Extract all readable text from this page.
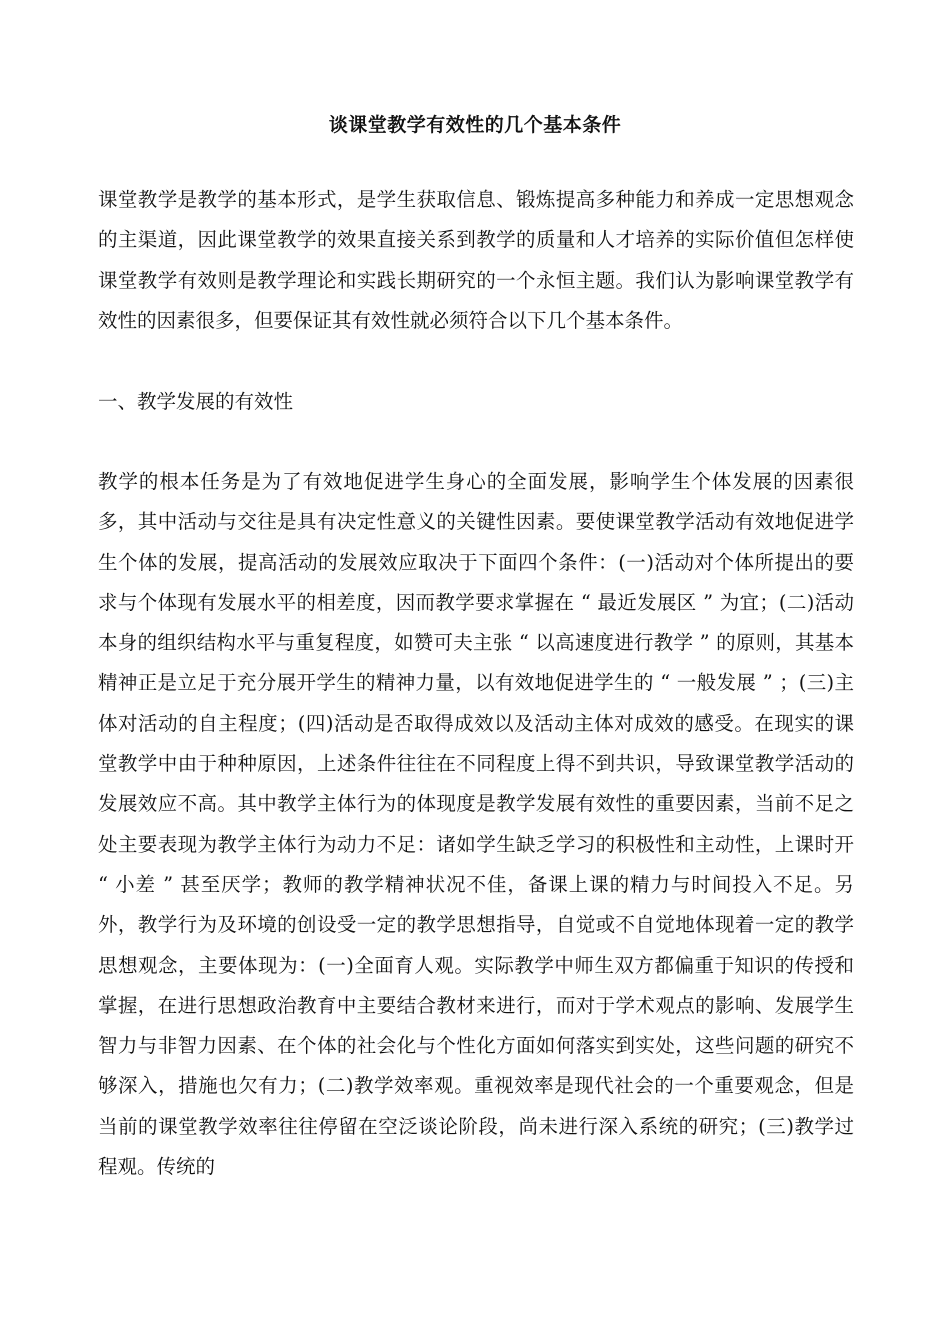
谈课堂教学有效性的几个基本条件

课堂教学是教学的基本形式，是学生获取信息、锻炼提高多种能力和养成一定思想观念的主渠道，因此课堂教学的效果直接关系到教学的质量和人才培养的实际价值但怎样使课堂教学有效则是教学理论和实践长期研究的一个永恒主题。我们认为影响课堂教学有效性的因素很多，但要保证其有效性就必须符合以下几个基本条件。

一、教学发展的有效性

教学的根本任务是为了有效地促进学生身心的全面发展，影响学生个体发展的因素很多，其中活动与交往是具有决定性意义的关键性因素。要使课堂教学活动有效地促进学生个体的发展，提高活动的发展效应取决于下面四个条件：(一)活动对个体所提出的要求与个体现有发展水平的相差度，因而教学要求掌握在 “ 最近发展区 ” 为宜；(二)活动本身的组织结构水平与重复程度，如赞可夫主张 “ 以高速度进行教学 ” 的原则，其基本精神正是立足于充分展开学生的精神力量，以有效地促进学生的 “ 一般发展 ” ；(三)主体对活动的自主程度；(四)活动是否取得成效以及活动主体对成效的感受。在现实的课堂教学中由于种种原因，上述条件往往在不同程度上得不到共识，导致课堂教学活动的发展效应不高。其中教学主体行为的体现度是教学发展有效性的重要因素，当前不足之处主要表现为教学主体行为动力不足：诸如学生缺乏学习的积极性和主动性，上课时开 “ 小差 ” 甚至厌学；教师的教学精神状况不佳，备课上课的精力与时间投入不足。另外，教学行为及环境的创设受一定的教学思想指导，自觉或不自觉地体现着一定的教学思想观念，主要体现为：(一)全面育人观。实际教学中师生双方都偏重于知识的传授和掌握，在进行思想政治教育中主要结合教材来进行，而对于学术观点的影响、发展学生智力与非智力因素、在个体的社会化与个性化方面如何落实到实处，这些问题的研究不够深入，措施也欠有力；(二)教学效率观。重视效率是现代社会的一个重要观念，但是当前的课堂教学效率往往停留在空泛谈论阶段，尚未进行深入系统的研究；(三)教学过程观。传统的
